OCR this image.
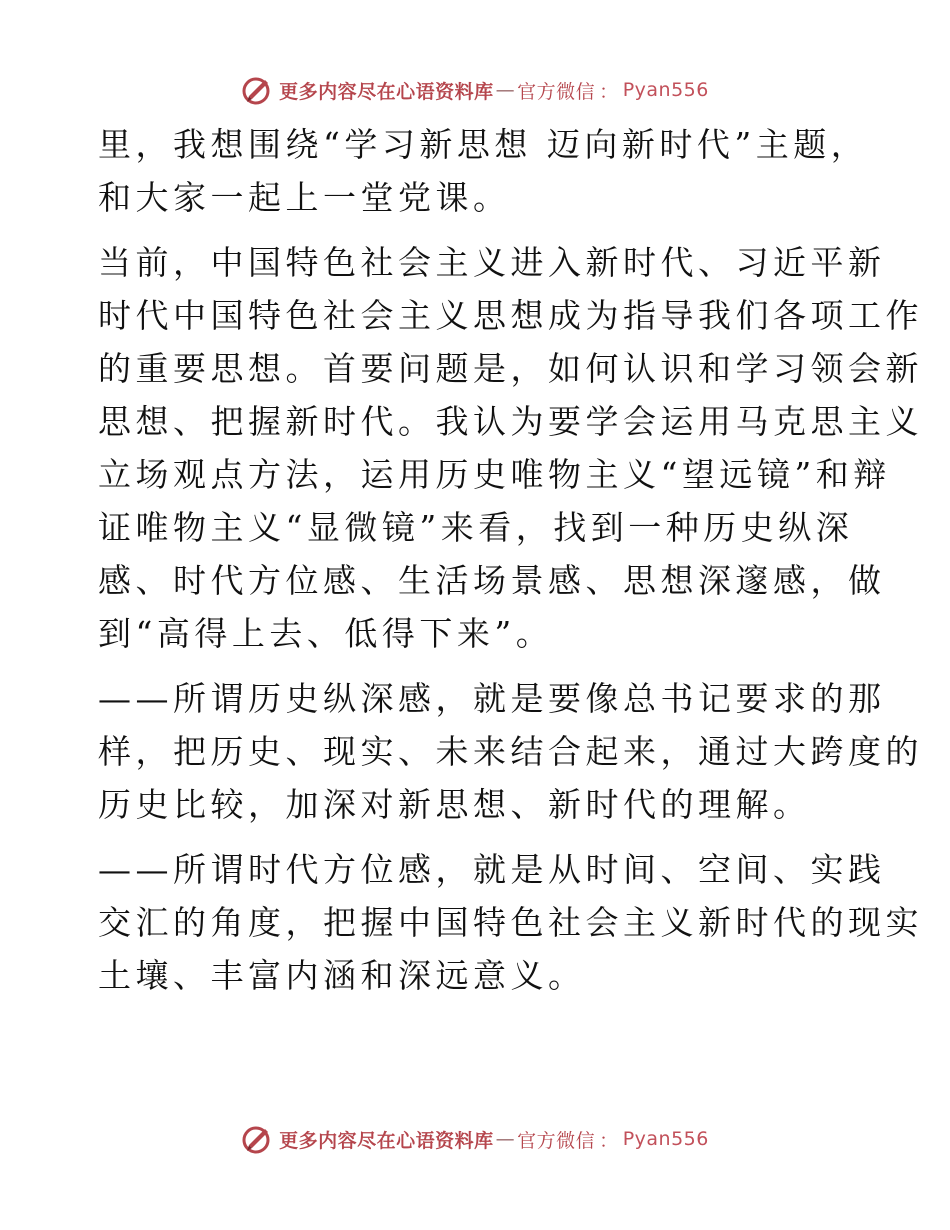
更多内容尽在心语资料库 — 官方微信 ： Pyan556

里，我想围绕“学习新思想 迈向新时代”主题，
和大家一起上一堂党课。

当前，中国特色社会主义进入新时代、习近平新
时代中国特色社会主义思想成为指导我们各项工作
的重要思想。首要问题是，如何认识和学习领会新
思想、把握新时代。我认为要学会运用马克思主义
立场观点方法，运用历史唯物主义“望远镜”和辩
证唯物主义“显微镜”来看，找到一种历史纵深
感、时代方位感、生活场景感、思想深邃感，做
到“高得上去、低得下来”。

——所谓历史纵深感，就是要像总书记要求的那
样，把历史、现实、未来结合起来，通过大跨度的
历史比较，加深对新思想、新时代的理解。

——所谓时代方位感，就是从时间、空间、实践
交汇的角度，把握中国特色社会主义新时代的现实
土壤、丰富内涵和深远意义。

更多内容尽在心语资料库 — 官方微信 ： Pyan556
